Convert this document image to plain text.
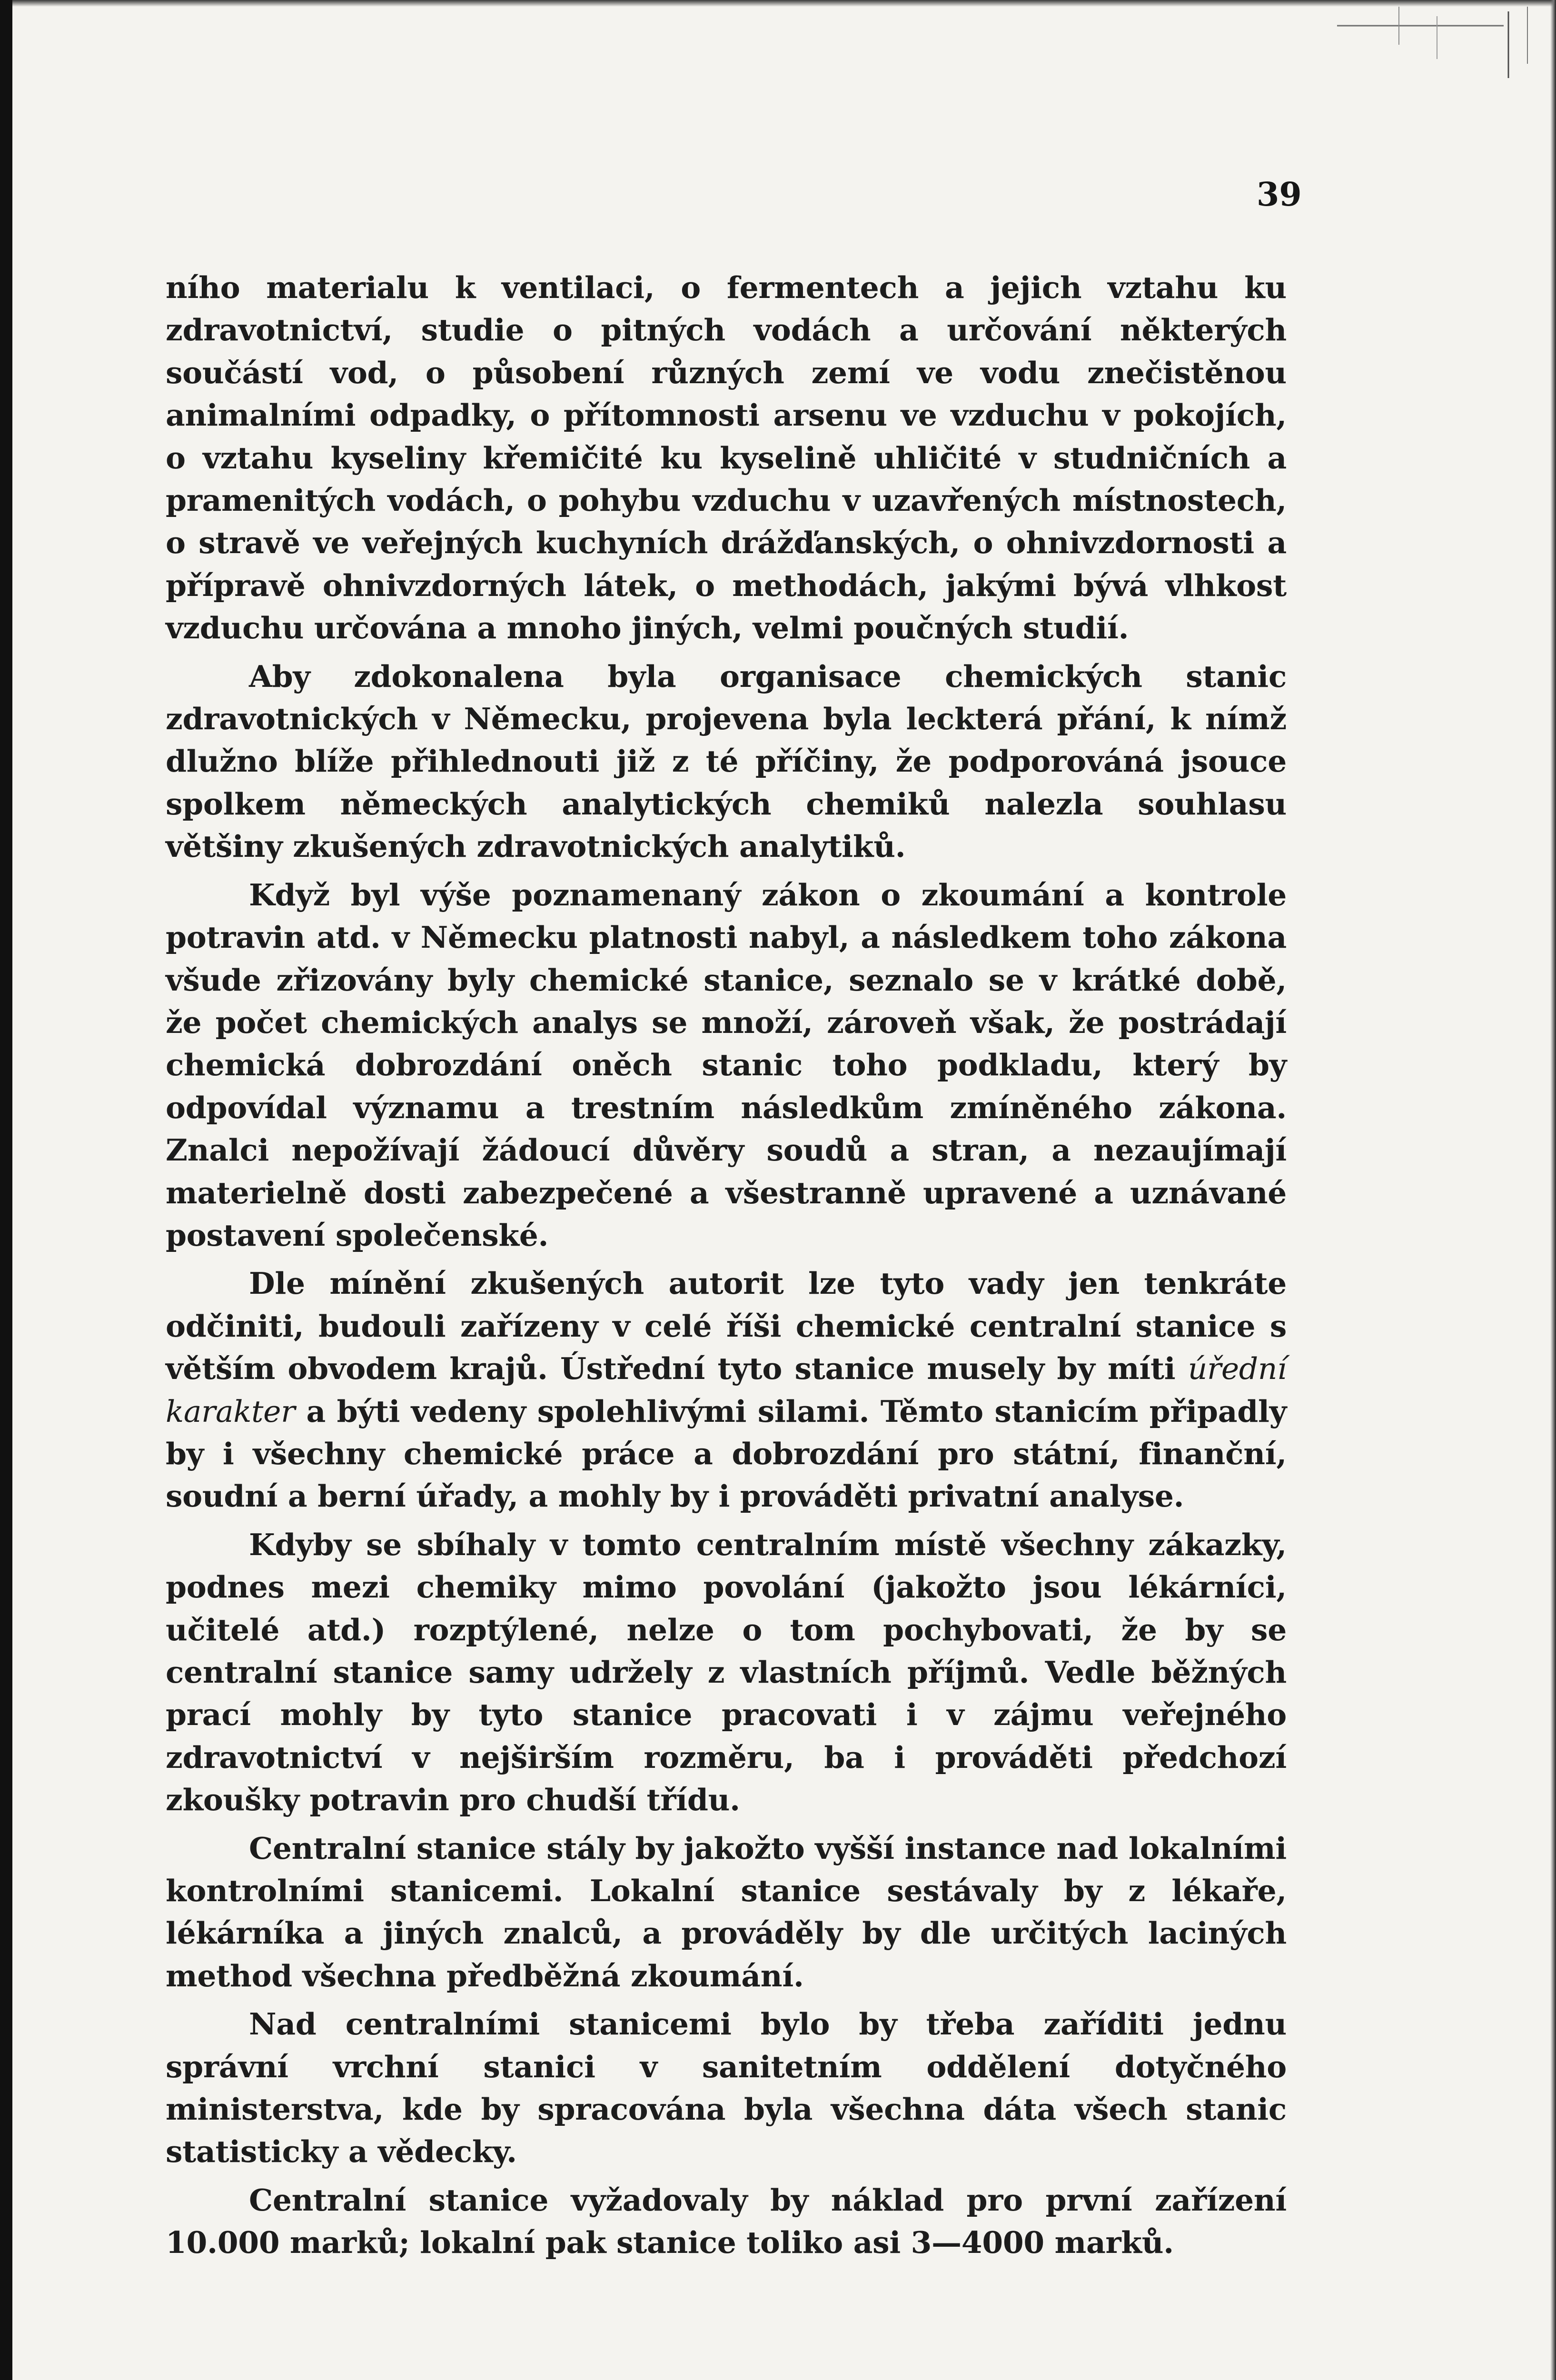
39

ního materialu k ventilaci, o fermentech a jejich vztahu ku zdravotnictví, studie o pitných vodách a určování některých součástí vod, o působení různých zemí ve vodu znečistěnou animalními odpadky, o přítomnosti arsenu ve vzduchu v pokojích, o vztahu kyseliny křemičité ku kyselině uhličité v studničních a pramenitých vodách, o pohybu vzduchu v uzavřených místnostech, o stravě ve veřejných kuchyních drážďanských, o ohnivzdornosti a přípravě ohnivzdorných látek, o methodách, jakými bývá vlhkost vzduchu určována a mnoho jiných, velmi poučných studií.

Aby zdokonalena byla organisace chemických stanic zdravotnických v Německu, projevena byla leckterá přání, k nímž dlužno blíže přihlednouti již z té příčiny, že podporováná jsouce spolkem německých analytických chemiků nalezla souhlasu většiny zkušených zdravotnických analytiků.

Když byl výše poznamenaný zákon o zkoumání a kontrole potravin atd. v Německu platnosti nabyl, a následkem toho zákona všude zřizovány byly chemické stanice, seznalo se v krátké době, že počet chemických analys se množí, zároveň však, že postrádají chemická dobrozdání oněch stanic toho podkladu, který by odpovídal významu a trestním následkům zmíněného zákona. Znalci nepožívají žádoucí důvěry soudů a stran, a nezaujímají materielně dosti zabezpečené a všestranně upravené a uznávané postavení společenské.

Dle mínění zkušených autorit lze tyto vady jen tenkráte odčiniti, budouli zařízeny v celé říši chemické centralní stanice s větším obvodem krajů. Ústřední tyto stanice musely by míti úřední karakter a býti vedeny spolehlivými silami. Těmto stanicím připadly by i všechny chemické práce a dobrozdání pro státní, finanční, soudní a berní úřady, a mohly by i prováděti privatní analyse.

Kdyby se sbíhaly v tomto centralním místě všechny zákazky, podnes mezi chemiky mimo povolání (jakožto jsou lékárníci, učitelé atd.) rozptýlené, nelze o tom pochybovati, že by se centralní stanice samy udržely z vlastních příjmů. Vedle běžných prací mohly by tyto stanice pracovati i v zájmu veřejného zdravotnictví v nejširším rozměru, ba i prováděti předchozí zkoušky potravin pro chudší třídu.

Centralní stanice stály by jakožto vyšší instance nad lokalními kontrolními stanicemi. Lokalní stanice sestávaly by z lékaře, lékárníka a jiných znalců, a prováděly by dle určitých laciných method všechna předběžná zkoumání.

Nad centralními stanicemi bylo by třeba zaříditi jednu správní vrchní stanici v sanitetním oddělení dotyčného ministerstva, kde by spracována byla všechna dáta všech stanic statisticky a vědecky.

Centralní stanice vyžadovaly by náklad pro první zařízení 10.000 marků; lokalní pak stanice toliko asi 3—4000 marků.
